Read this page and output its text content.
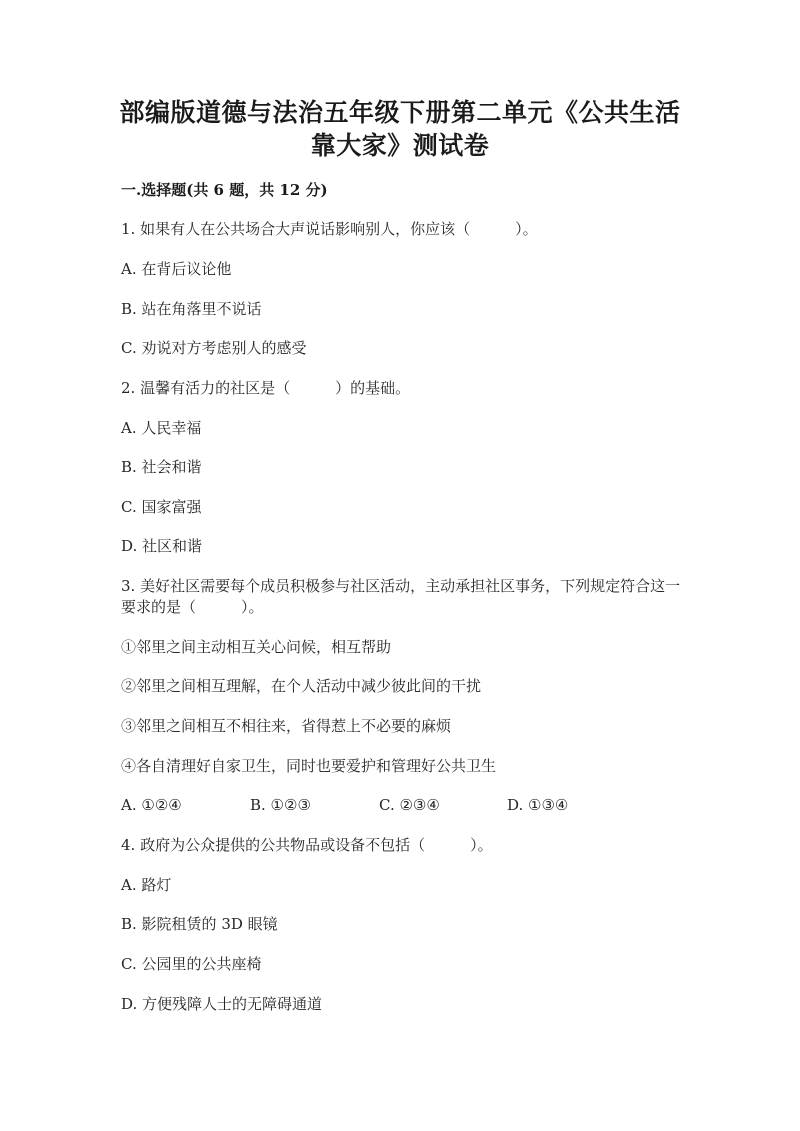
部编版道德与法治五年级下册第二单元《公共生活
靠大家》测试卷
一.选择题(共 6 题，共 12 分)
1. 如果有人在公共场合大声说话影响别人，你应该（　　　）。
A. 在背后议论他
B. 站在角落里不说话
C. 劝说对方考虑别人的感受
2. 温馨有活力的社区是（　　　）的基础。
A. 人民幸福
B. 社会和谐
C. 国家富强
D. 社区和谐
3. 美好社区需要每个成员积极参与社区活动，主动承担社区事务，下列规定符合这一要求的是（　　　）。
①邻里之间主动相互关心问候，相互帮助
②邻里之间相互理解，在个人活动中减少彼此间的干扰
③邻里之间相互不相往来，省得惹上不必要的麻烦
④各自清理好自家卫生，同时也要爱护和管理好公共卫生
A. ①②④	B. ①②③	C. ②③④	D. ①③④
4. 政府为公众提供的公共物品或设备不包括（　　　）。
A. 路灯
B. 影院租赁的 3D 眼镜
C. 公园里的公共座椅
D. 方便残障人士的无障碍通道
